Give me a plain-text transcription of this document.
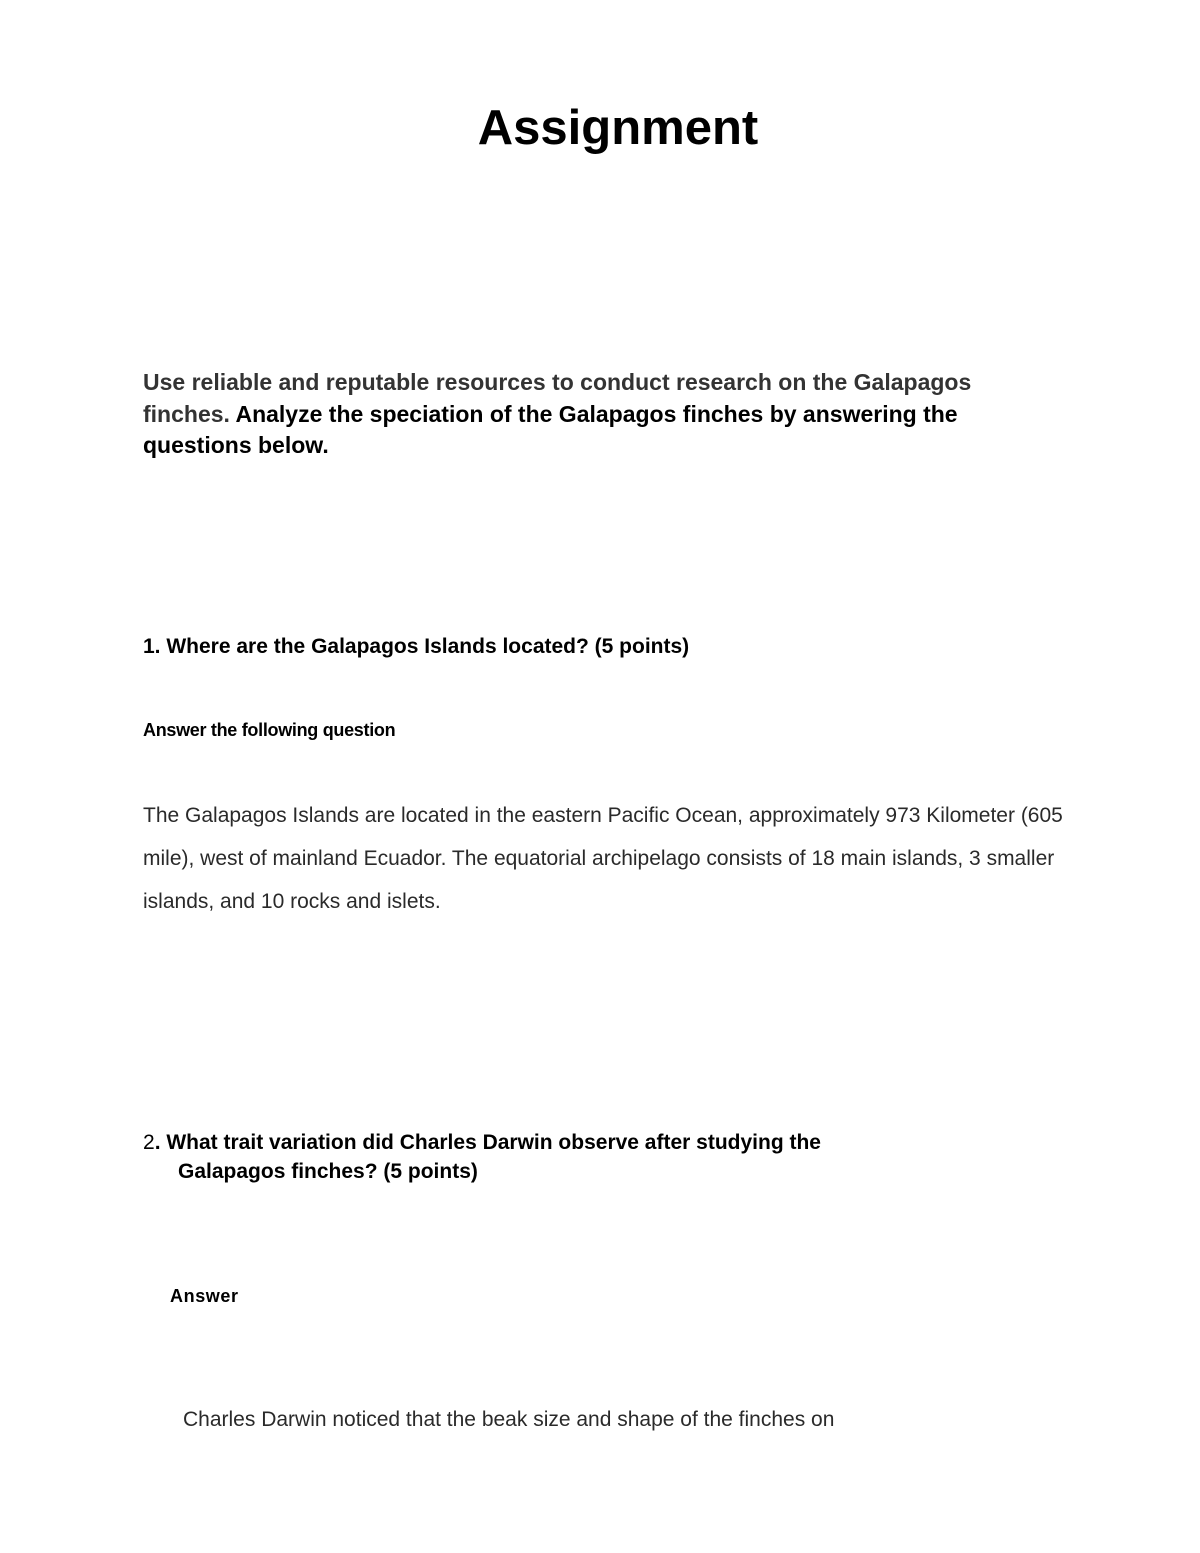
Assignment

Use reliable and reputable resources to conduct research on the Galapagos finches. Analyze the speciation of the Galapagos finches by answering the questions below.

1. Where are the Galapagos Islands located? (5 points)

Answer the following question

The Galapagos Islands are located in the eastern Pacific Ocean, approximately 973 Kilometer (605 mile), west of mainland Ecuador. The equatorial archipelago consists of 18 main islands, 3 smaller islands, and 10 rocks and islets.

2. What trait variation did Charles Darwin observe after studying the
Galapagos finches? (5 points)

Answer

Charles Darwin noticed that the beak size and shape of the finches on
